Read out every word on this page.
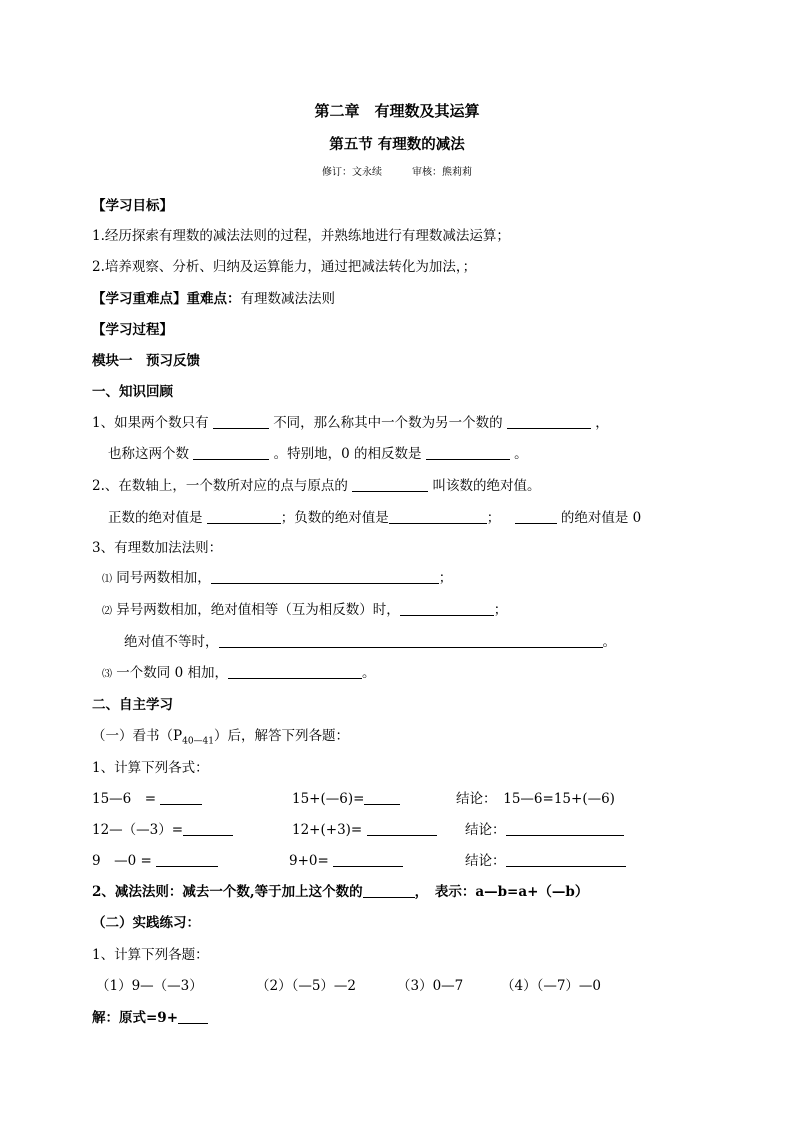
第二章　有理数及其运算
第五节 有理数的减法
修订：文永续　　　审核：熊莉莉
【学习目标】
1.经历探索有理数的减法法则的过程，并熟练地进行有理数减法运算；
2.培养观察、分析、归纳及运算能力，通过把减法转化为加法，；
【学习重难点】重难点：有理数减法法则
【学习过程】
模块一　预习反馈
一、知识回顾
1、如果两个数只有	不同，那么称其中一个数为另一个数的	，
也称这两个数	。特别地，0 的相反数是	。
2.、在数轴上，一个数所对应的点与原点的	叫该数的绝对值。
正数的绝对值是	；负数的绝对值是	；	的绝对值是 0
3、有理数加法法则：
⑴ 同号两数相加，	；
⑵ 异号两数相加，绝对值相等（互为相反数）时，	；
绝对值不等时，	。
⑶ 一个数同 0 相加，	。
二、自主学习
（一）看书$(P_{40—41})$后，解答下列各题：
1、计算下列各式：
15—6　=	15+(—6)=	结论：　15—6=15+(—6)
12—（—3）=	12+(+3)=	结论：
9　—0 =	9+0=	结论：
2、减法法则：减去一个数,等于加上这个数的	，　表示：a—b=a+（—b）
（二）实践练习：
1、计算下列各题：
（1）9—（—3）	（2）（—5）—2	（3）0—7	（4）（—7）—0
解：原式=9+
